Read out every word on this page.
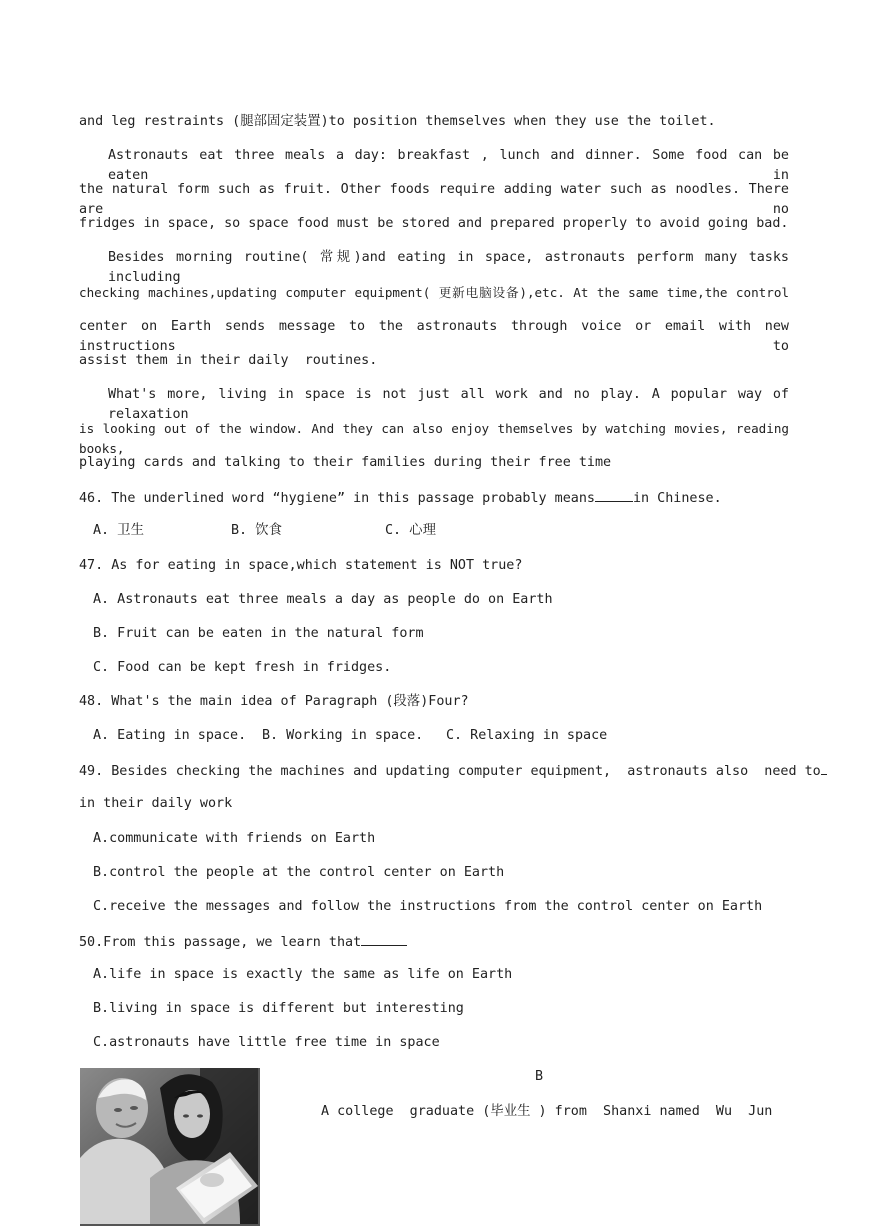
and leg restraints (腿部固定装置)to position themselves when they use the toilet.
Astronauts eat three meals a day: breakfast , lunch and dinner. Some food can be eaten in
the natural form such as fruit. Other foods require adding water such as noodles. There are no
fridges in space, so space food must be stored and prepared properly to avoid going bad.
Besides morning routine( 常规)and eating in space, astronauts perform many tasks including
checking machines,updating computer equipment( 更新电脑设备),etc. At the same time,the control
center on Earth sends message to the astronauts through voice or email with new instructions to
assist them in their daily  routines.
What's more, living in space is not just all work and no play. A popular way of relaxation
is looking out of the window. And they can also enjoy themselves by watching movies, reading books,
playing cards and talking to their families during their free time
46. The underlined word “hygiene” in this passage probably means	in Chinese.
A. 卫生	B. 饮食	C. 心理
47. As for eating in space,which statement is NOT true?
A. Astronauts eat three meals a day as people do on Earth
B. Fruit can be eaten in the natural form
C. Food can be kept fresh in fridges.
48. What's the main idea of Paragraph (段落)Four?
A. Eating in space. B. Working in space. C. Relaxing in space
49. Besides checking the machines and updating computer equipment,  astronauts also  need to
in their daily work
A.communicate with friends on Earth
B.control the people at the control center on Earth
C.receive the messages and follow the instructions from the control center on Earth
50.From this passage, we learn that
A.life in space is exactly the same as life on Earth
B.living in space is different but interesting
C.astronauts have little free time in space
B
A college  graduate (毕业生 ) from  Shanxi named  Wu  Jun
